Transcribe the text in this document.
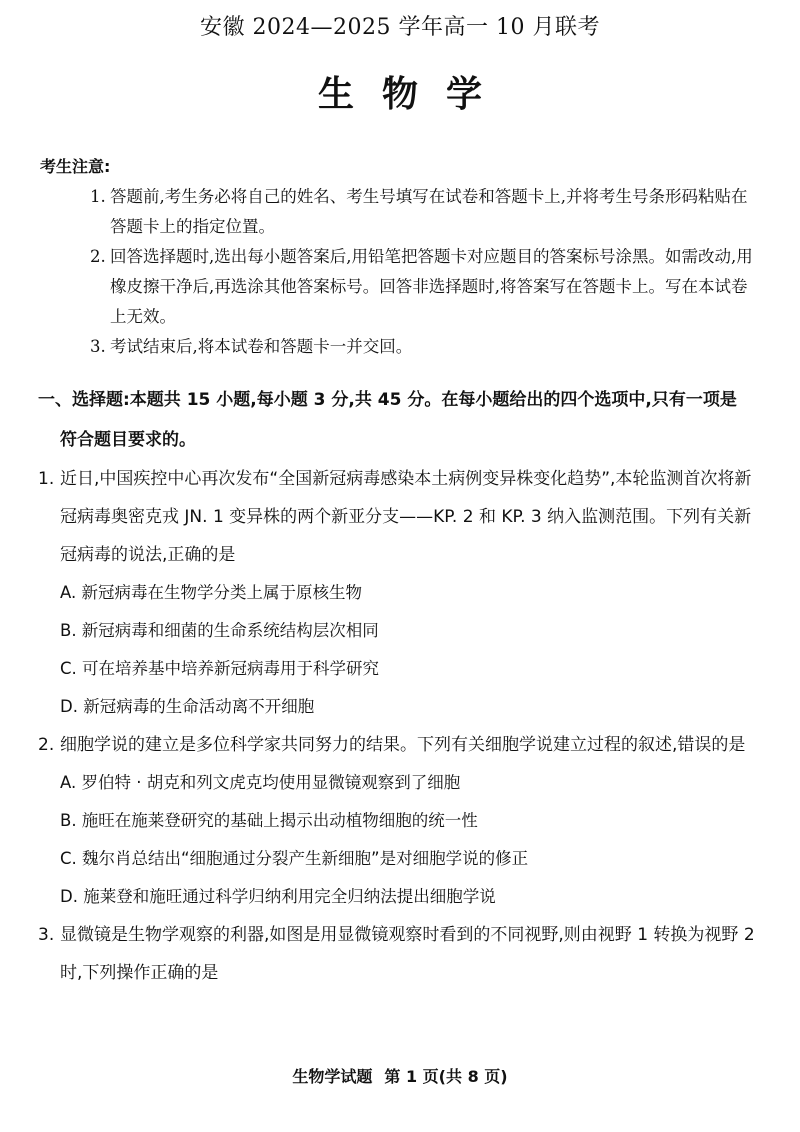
安徽 2024—2025 学年高一 10 月联考
生物学
考生注意:
1. 答题前,考生务必将自己的姓名、考生号填写在试卷和答题卡上,并将考生号条形码粘贴在答题卡上的指定位置。
2. 回答选择题时,选出每小题答案后,用铅笔把答题卡对应题目的答案标号涂黑。如需改动,用橡皮擦干净后,再选涂其他答案标号。回答非选择题时,将答案写在答题卡上。写在本试卷上无效。
3. 考试结束后,将本试卷和答题卡一并交回。
一、选择题:本题共 15 小题,每小题 3 分,共 45 分。在每小题给出的四个选项中,只有一项是
符合题目要求的。
1. 近日,中国疾控中心再次发布“全国新冠病毒感染本土病例变异株变化趋势”,本轮监测首次将新冠病毒奥密克戎 JN. 1 变异株的两个新亚分支——KP. 2 和 KP. 3 纳入监测范围。下列有关新冠病毒的说法,正确的是
A. 新冠病毒在生物学分类上属于原核生物
B. 新冠病毒和细菌的生命系统结构层次相同
C. 可在培养基中培养新冠病毒用于科学研究
D. 新冠病毒的生命活动离不开细胞
2. 细胞学说的建立是多位科学家共同努力的结果。下列有关细胞学说建立过程的叙述,错误的是
A. 罗伯特 · 胡克和列文虎克均使用显微镜观察到了细胞
B. 施旺在施莱登研究的基础上揭示出动植物细胞的统一性
C. 魏尔肖总结出“细胞通过分裂产生新细胞”是对细胞学说的修正
D. 施莱登和施旺通过科学归纳利用完全归纳法提出细胞学说
3. 显微镜是生物学观察的利器,如图是用显微镜观察时看到的不同视野,则由视野 1 转换为视野 2 时,下列操作正确的是
生物学试题 第 1 页(共 8 页)
